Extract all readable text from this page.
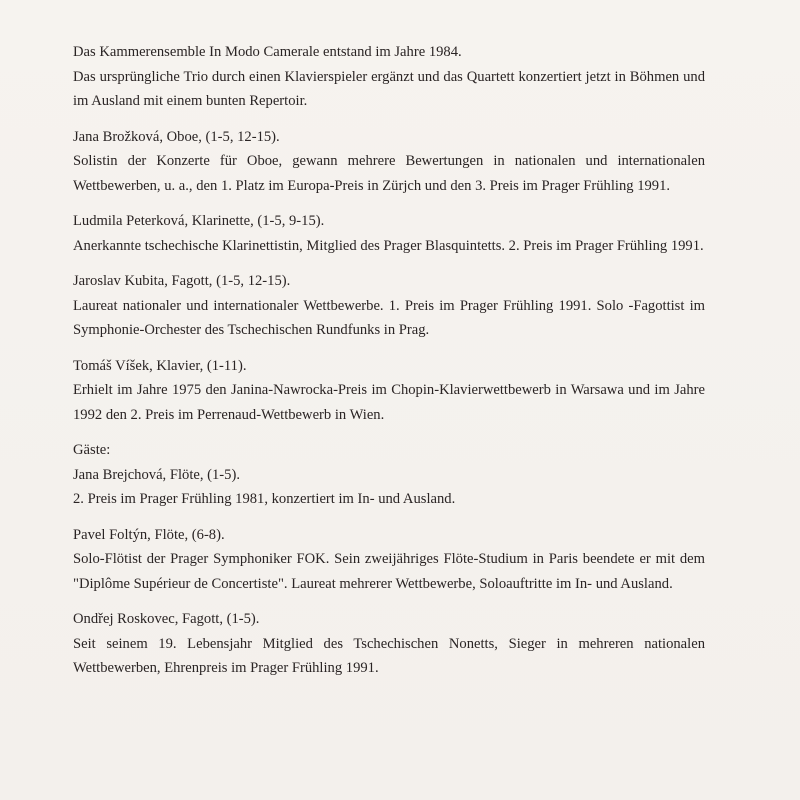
Das Kammerensemble In Modo Camerale entstand im Jahre 1984.

Das ursprüngliche Trio durch einen Klavierspieler ergänzt und das Quartett konzertiert jetzt in Böhmen und im Ausland mit einem bunten Repertoir.

Jana Brožková, Oboe, (1-5, 12-15).

Solistin der Konzerte für Oboe, gewann mehrere Bewertungen in nationalen und internationalen Wettbewerben, u. a., den 1. Platz im Europa-Preis in Zürjch und den 3. Preis im Prager Frühling 1991.

Ludmila Peterková, Klarinette, (1-5, 9-15).

Anerkannte tschechische Klarinettistin, Mitglied des Prager Blasquintetts. 2. Preis im Prager Frühling 1991.

Jaroslav Kubita, Fagott, (1-5, 12-15).

Laureat nationaler und internationaler Wettbewerbe. 1. Preis im Prager Frühling 1991. Solo -Fagottist im Symphonie-Orchester des Tschechischen Rundfunks in Prag.

Tomáš Víšek, Klavier, (1-11).

Erhielt im Jahre 1975 den Janina-Nawrocka-Preis im Chopin-Klavierwettbewerb in Warsawa und im Jahre 1992 den 2. Preis im Perrenaud-Wettbewerb in Wien.

Gäste:

Jana Brejchová, Flöte, (1-5).

2. Preis im Prager Frühling 1981, konzertiert im In- und Ausland.

Pavel Foltýn, Flöte, (6-8).

Solo-Flötist der Prager Symphoniker FOK. Sein zweijähriges Flöte-Studium in Paris beendete er mit dem "Diplôme Supérieur de Concertiste". Laureat mehrerer Wettbewerbe, Soloauftritte im In- und Ausland.

Ondřej Roskovec, Fagott, (1-5).

Seit seinem 19. Lebensjahr Mitglied des Tschechischen Nonetts, Sieger in mehreren nationalen Wettbewerben, Ehrenpreis im Prager Frühling 1991.
